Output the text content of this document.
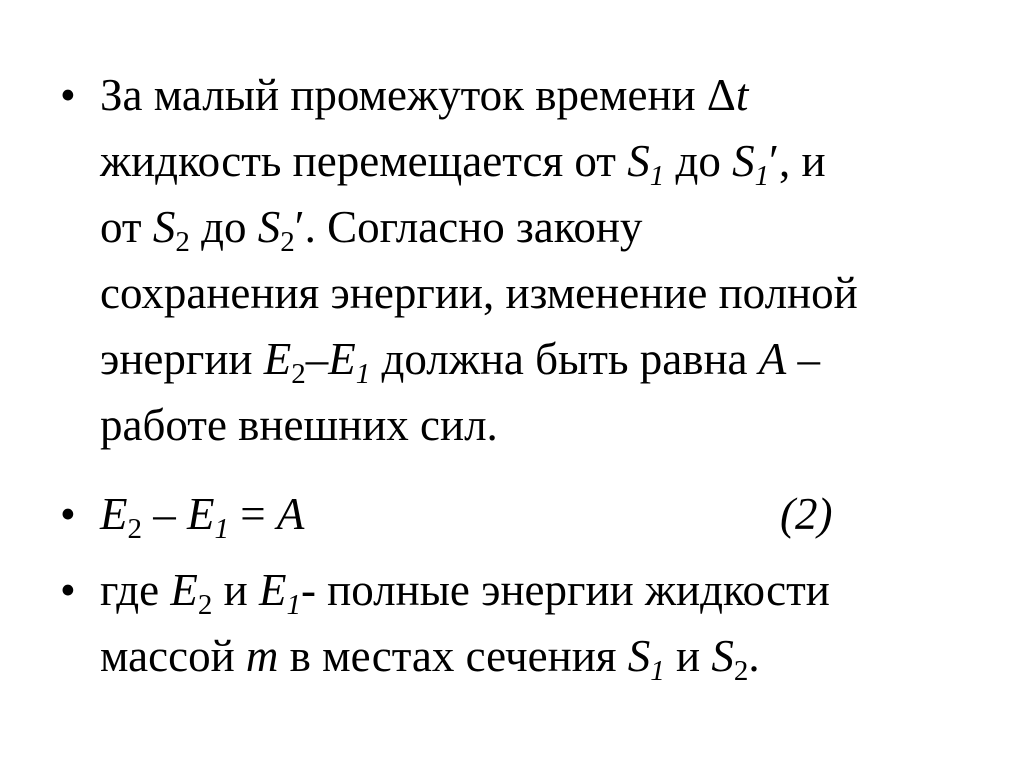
• За малый промежуток времени Δt
жидкость перемещается от $S_1$ до $S_1'$, и
от $S_2$ до $S_2'$. Согласно закону
сохранения энергии, изменение полной
энергии $E_2-E_1$ должна быть равна A –
работе внешних сил.
• $E_2 - E_1 = A$	(2)
• где $E_2$ и $E_1-$ полные энергии жидкости
массой m в местах сечения $S_1$ и $S_2$.
